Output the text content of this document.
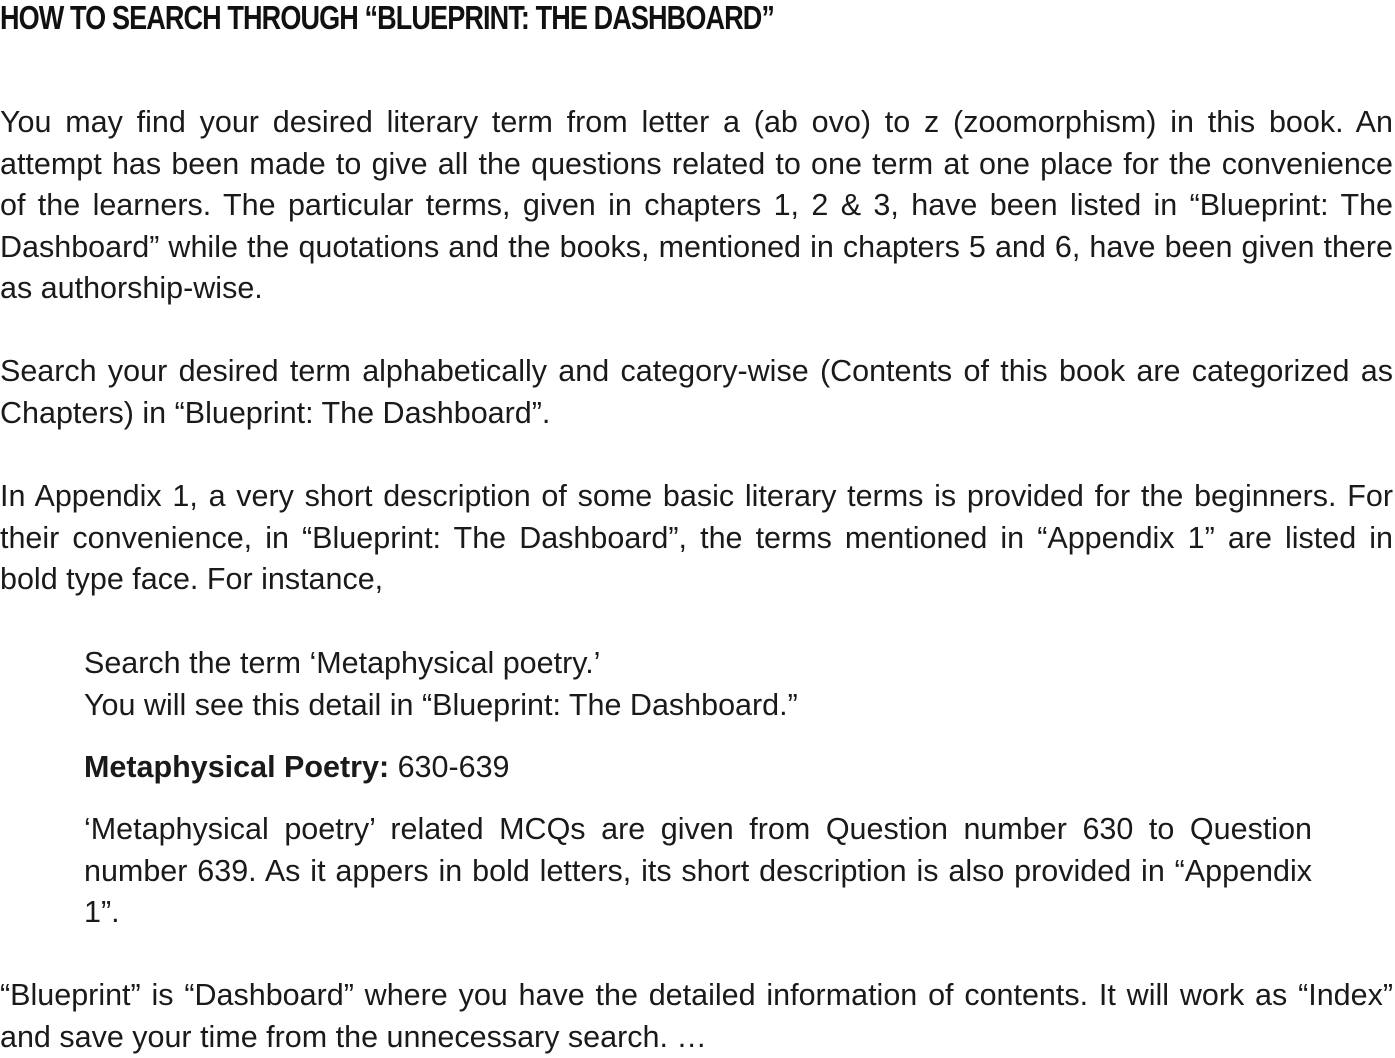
HOW TO SEARCH THROUGH “BLUEPRINT: THE DASHBOARD”

You may find your desired literary term from letter a (ab ovo) to z (zoomorphism) in this book. An attempt has been made to give all the questions related to one term at one place for the convenience of the learners. The particular terms, given in chapters 1, 2 & 3, have been listed in “Blueprint: The Dashboard” while the quotations and the books, mentioned in chapters 5 and 6, have been given there as authorship-wise.

Search your desired term alphabetically and category-wise (Contents of this book are categorized as Chapters) in “Blueprint: The Dashboard”.

In Appendix 1, a very short description of some basic literary terms is provided for the beginners. For their convenience, in “Blueprint: The Dashboard”, the terms mentioned in “Appendix 1” are listed in bold type face. For instance,

Search the term ‘Metaphysical poetry.’

You will see this detail in “Blueprint: The Dashboard.”

Metaphysical Poetry: 630-639

‘Metaphysical poetry’ related MCQs are given from Question number 630 to Question number 639. As it appers in bold letters, its short description is also provided in “Appendix 1”.

“Blueprint” is “Dashboard” where you have the detailed information of contents. It will work as “Index” and save your time from the unnecessary search. …
